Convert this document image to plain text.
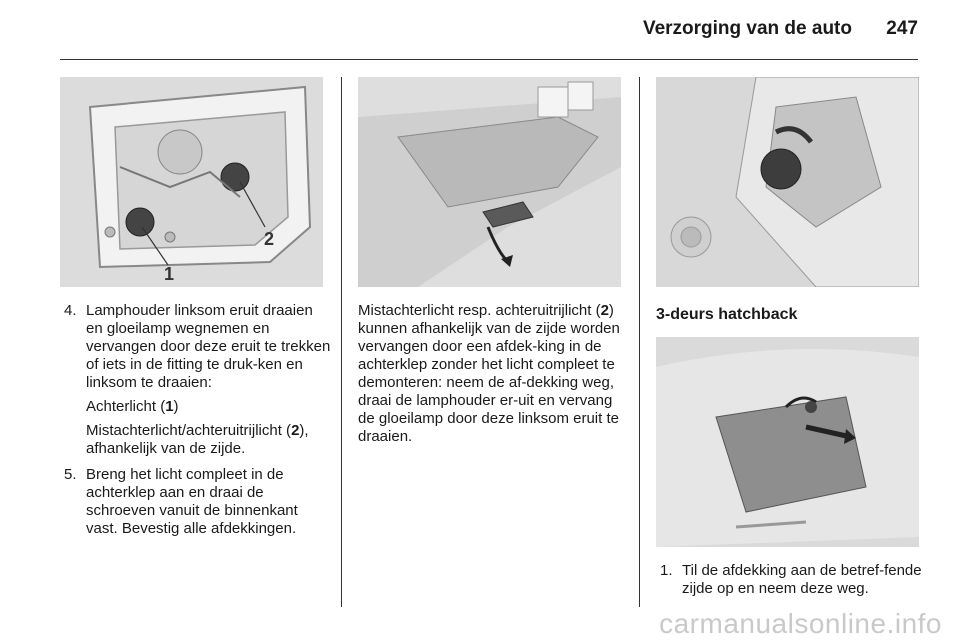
Verzorging van de auto 247
1
2
4. Lamphouder linksom eruit draaien en gloeilamp wegnemen en vervangen door deze eruit te trekken of iets in de fitting te druk-ken en linksom te draaien:

Achterlicht (1)

Mistachterlicht/achteruitrijlicht (2), afhankelijk van de zijde.

5. Breng het licht compleet in de achterklep aan en draai de schroeven vanuit de binnenkant vast. Bevestig alle afdekkingen.

Mistachterlicht resp. achteruitrijlicht (2) kunnen afhankelijk van de zijde worden vervangen door een afdek-king in de achterklep zonder het licht compleet te demonteren: neem de af-dekking weg, draai de lamphouder er-uit en vervang de gloeilamp door deze linksom eruit te draaien.

3-deurs hatchback
1. Til de afdekking aan de betref-fende zijde op en neem deze weg.

carmanualsonline.info
